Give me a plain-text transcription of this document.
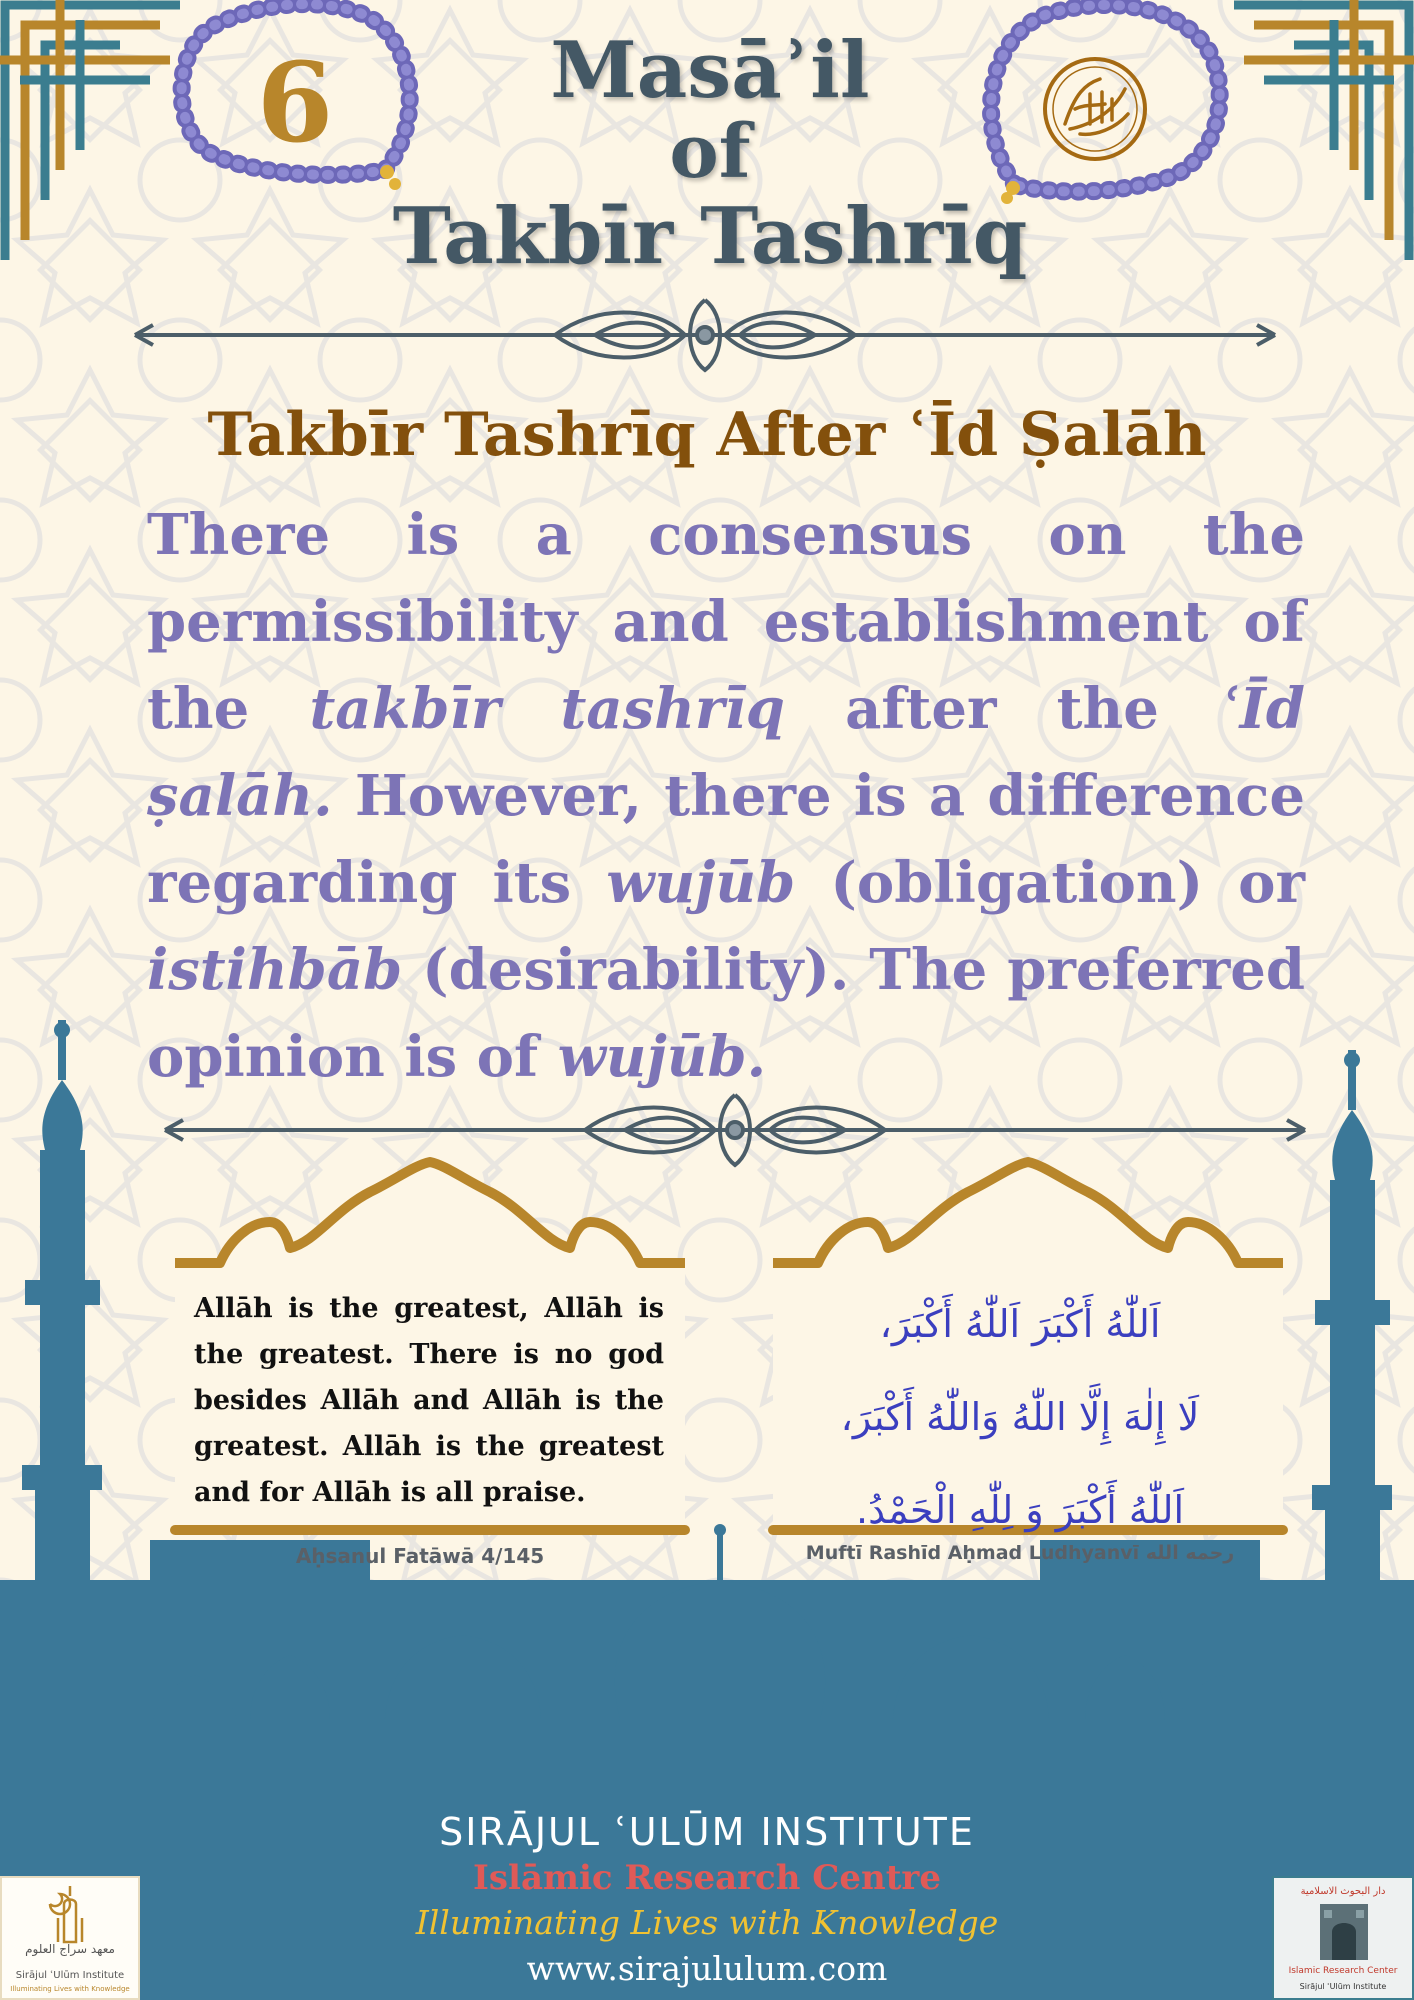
6	Masāʾil
of
Takbīr Tashrīq
Takbīr Tashrīq After ʿĪd Ṣalāh
There is a consensus on the permissibility and establishment of the takbīr tashrīq after the ʿĪd ṣalāh. However, there is a difference regarding its wujūb (obligation) or istihbāb (desirability). The preferred opinion is of wujūb.
Allāh is the greatest, Allāh is the greatest. There is no god besides Allāh and Allāh is the greatest. Allāh is the greatest and for Allāh is all praise.
اَللّٰهُ أَكْبَرَ اَللّٰهُ أَكْبَرَ،
لَا إِلٰهَ إِلَّا اللّٰهُ وَاللّٰهُ أَكْبَرَ،
اَللّٰهُ أَكْبَرَ وَ لِلّٰهِ الْحَمْدُ.
Aḥsanul Fatāwā 4/145	Muftī Rashīd Aḥmad Ludhyanvī رحمه الله
SIRĀJUL ʿULŪM INSTITUTE
Islāmic Research Centre
Illuminating Lives with Knowledge
www.sirajululum.com
معهد سراج العلوم
Sirājul ʿUlūm Institute
Illuminating Lives with Knowledge
دار البحوث الاسلامية
Islamic Research Center
Sirājul ʿUlūm Institute
